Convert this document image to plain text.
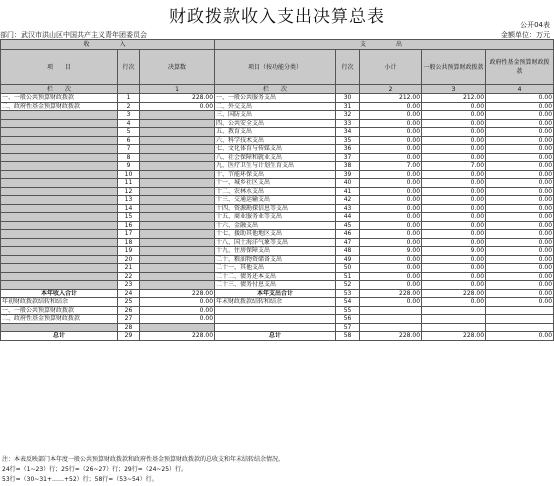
财政拨款收入支出决算总表	公开04表
部门：武汉市洪山区中国共产主义青年团委员会	金额单位：万元
收　　入			支　　出				
项　　目	行次	决算数	项目（按功能分类）	行次	小计	一般公共预算财政拨款	政府性基金预算财政拨款
栏　　次		1	栏　　次		2	3	4
一、一般公共预算财政拨款	1	228.00	一、一般公共服务支出	30	212.00	212.00	0.00
二、政府性基金预算财政拨款	2	0.00	二、外交支出	31	0.00	0.00	0.00
	3		三、国防支出	32	0.00	0.00	0.00
	4		四、公共安全支出	33	0.00	0.00	0.00
	5		五、教育支出	34	0.00	0.00	0.00
	6		六、科学技术支出	35	0.00	0.00	0.00
	7		七、文化体育与传媒支出	36	0.00	0.00	0.00
	8		八、社会保障和就业支出	37	0.00	0.00	0.00
	9		九、医疗卫生与计划生育支出	38	7.00	7.00	0.00
	10		十、节能环保支出	39	0.00	0.00	0.00
	11		十一、城乡社区支出	40	0.00	0.00	0.00
	12		十二、农林水支出	41	0.00	0.00	0.00
	13		十三、交通运输支出	42	0.00	0.00	0.00
	14		十四、资源勘探信息等支出	43	0.00	0.00	0.00
	15		十五、商业服务业等支出	44	0.00	0.00	0.00
	16		十六、金融支出	45	0.00	0.00	0.00
	17		十七、援助其他地区支出	46	0.00	0.00	0.00
	18		十八、国土海洋气象等支出	47	0.00	0.00	0.00
	19		十九、住房保障支出	48	9.00	9.00	0.00
	20		二十、粮油物资储备支出	49	0.00	0.00	0.00
	21		二十一、其他支出	50	0.00	0.00	0.00
	22		二十二、债务还本支出	51	0.00	0.00	0.00
	23		二十三、债务付息支出	52	0.00	0.00	0.00
本年收入合计	24	228.00	本年支出合计	53	228.00	228.00	0.00
年初财政拨款结转和结余	25	0.00	年末财政拨款结转和结余	54	0.00	0.00	0.00
一、一般公共预算财政拨款	26	0.00		55			
二、政府性基金预算财政拨款	27	0.00		56			
	28			57			
总计	29	228.00	总计	58	228.00	228.00	0.00
注：本表反映部门本年度一般公共预算财政拨款和政府性基金预算财政拨款的总收支和年末结转结余情况。
24行=（1~23）行；25行=（26~27）行；29行=（24~25）行。
53行=（30~31+……+52）行；58行=（53~54）行。
